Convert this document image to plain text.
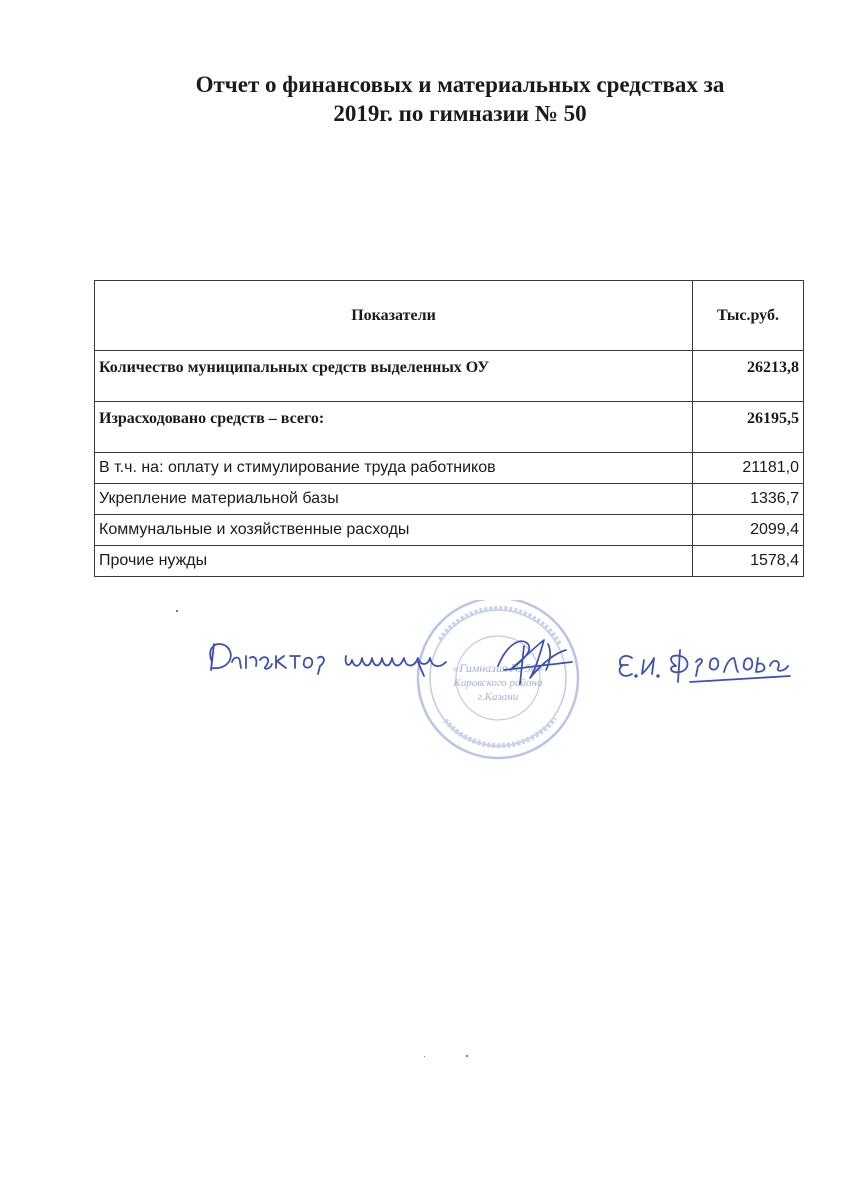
Отчет о финансовых и материальных средствах за
2019г. по гимназии № 50
Показатели	Тыс.руб.
Количество муниципальных средств выделенных ОУ	26213,8
Израсходовано средств – всего:	26195,5
В т.ч. на: оплату и стимулирование труда работников	21181,0
Укрепление материальной базы	1336,7
Коммунальные и хозяйственные расходы	2099,4
Прочие нужды	1578,4
«Гимназия № 50»
Кировского района
г.Казани
